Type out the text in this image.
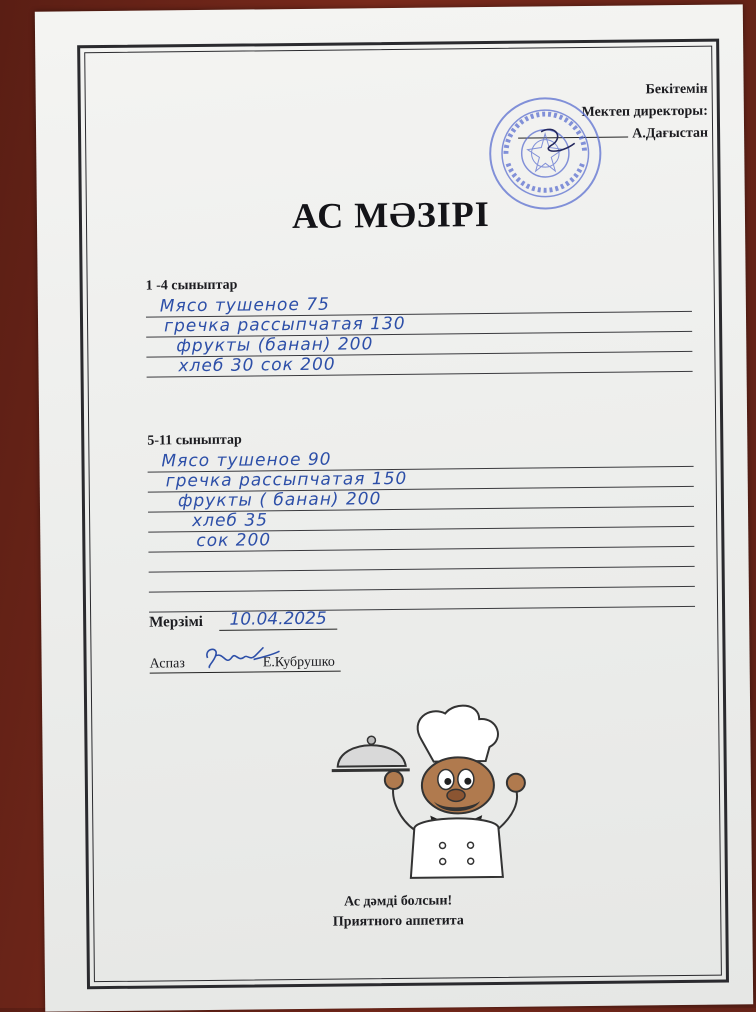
Бекітемін
Мектеп директоры:
А.Дағыстан
АС МӘЗІРІ
1 -4 сыныптар
Мясо тушеное 75
гречка рассыпчатая 130
фрукты (банан) 200
хлеб 30 сок 200
5-11 сыныптар
Мясо тушеное 90
гречка рассыпчатая 150
фрукты ( банан) 200
хлеб 35
сок 200
Мерзімі	10.04.2025
Аспаз	Е.Кубрушко
Ас дәмді болсын!
Приятного аппетита
